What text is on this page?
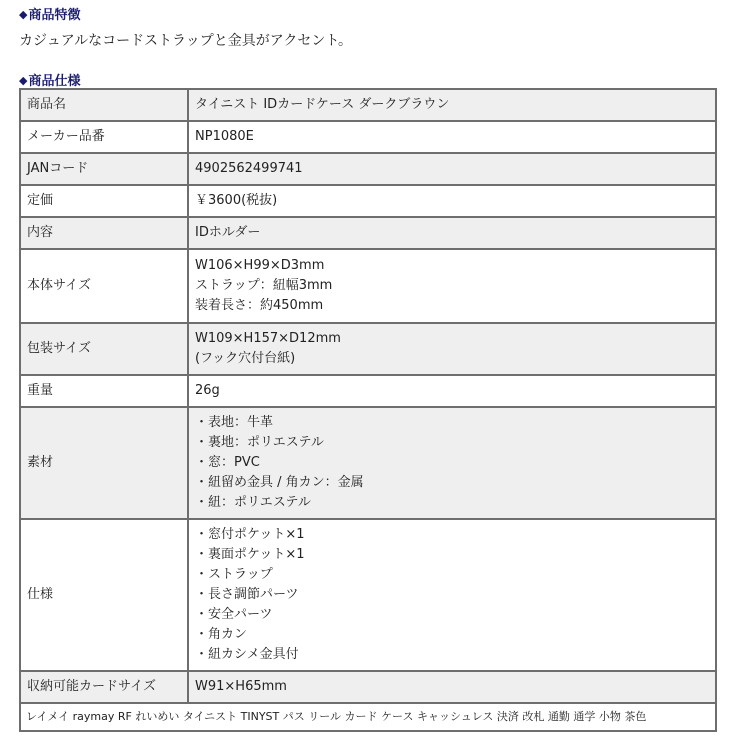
◆商品特徴
カジュアルなコードストラップと金具がアクセント。
◆商品仕様
商品名	タイニスト IDカードケース ダークブラウン
メーカー品番	NP1080E
JANコード	4902562499741
定価	￥3600(税抜)
内容	IDホルダー
本体サイズ	W106×H99×D3mm
ストラップ：紐幅3mm
装着長さ：約450mm

包装サイズ	W109×H157×D12mm
(フック穴付台紙)

重量	26g
素材	・表地：牛革
・裏地：ポリエステル
・窓：PVC
・紐留め金具 / 角カン：金属
・紐：ポリエステル

仕様	
・窓付ポケット×1
・裏面ポケット×1
・ストラップ
・長さ調節パーツ
・安全パーツ
・角カン
・紐カシメ金具付

収納可能カードサイズ	W91×H65mm
レイメイ raymay RF れいめい タイニスト TINYST パス リール カード ケース キャッシュレス 決済 改札 通勤 通学 小物 茶色	
